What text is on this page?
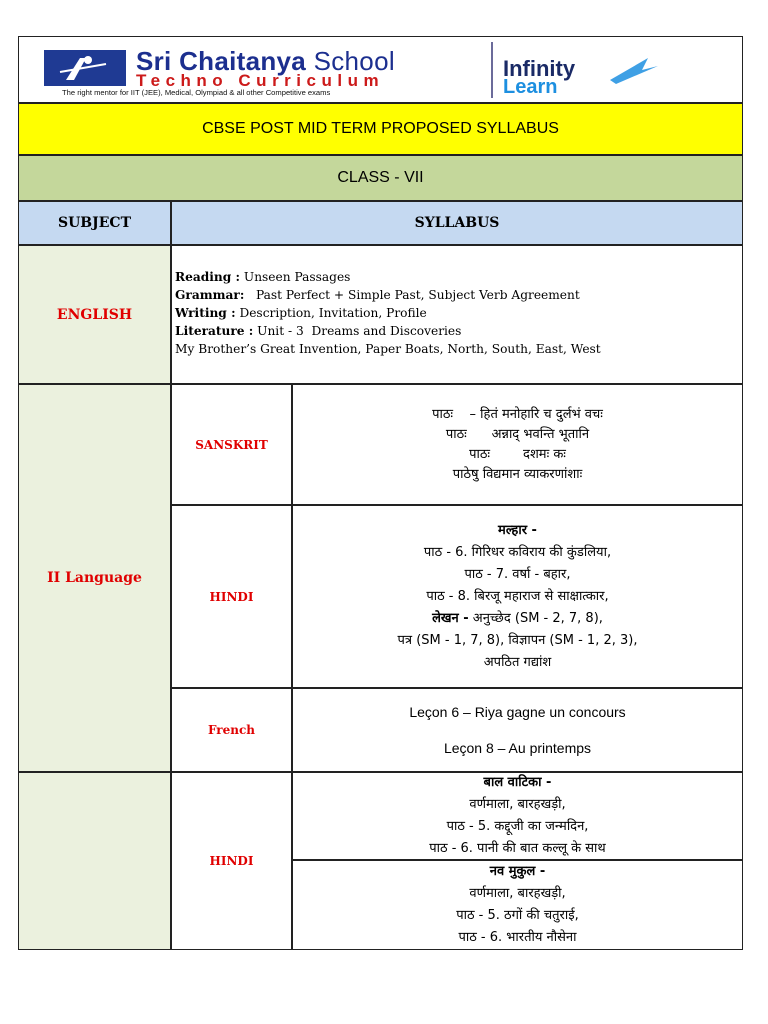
Sri Chaitanya School
Techno Curriculum
The right mentor for IIT (JEE), Medical, Olympiad & all other Competitive exams
Infinity
Learn
CBSE POST MID TERM PROPOSED SYLLABUS
CLASS - VII
SUBJECT	SYLLABUS
ENGLISH
Reading : Unseen Passages
Grammar:   Past Perfect + Simple Past, Subject Verb Agreement
Writing : Description, Invitation, Profile
Literature : Unit - 3  Dreams and Discoveries
My Brother’s Great Invention, Paper Boats, North, South, East, West
II Language
SANSKRIT
पाठः    – हितं मनोहारि च दुर्लभं वचः
पाठः      अन्नाद् भवन्ति भूतानि
पाठः        दशमः कः
पाठेषु विद्यमान व्याकरणांशाः
HINDI
मल्हार -
पाठ - 6. गिरिधर कविराय की कुंडलिया,
पाठ - 7. वर्षा - बहार,
पाठ - 8. बिरजू महाराज से साक्षात्कार,
लेखन - अनुच्छेद (SM - 2, 7, 8),
पत्र (SM - 1, 7, 8), विज्ञापन (SM - 1, 2, 3),
अपठित गद्यांश
French
Leçon 6 – Riya gagne un concours
Leçon 8 – Au printemps
HINDI
बाल वाटिका -
वर्णमाला, बारहखड़ी,
पाठ - 5. कद्दूजी का जन्मदिन,
पाठ - 6. पानी की बात कल्लू के साथ
नव मुकुल -
वर्णमाला, बारहखड़ी,
पाठ - 5. ठगों की चतुराई,
पाठ - 6. भारतीय नौसेना
